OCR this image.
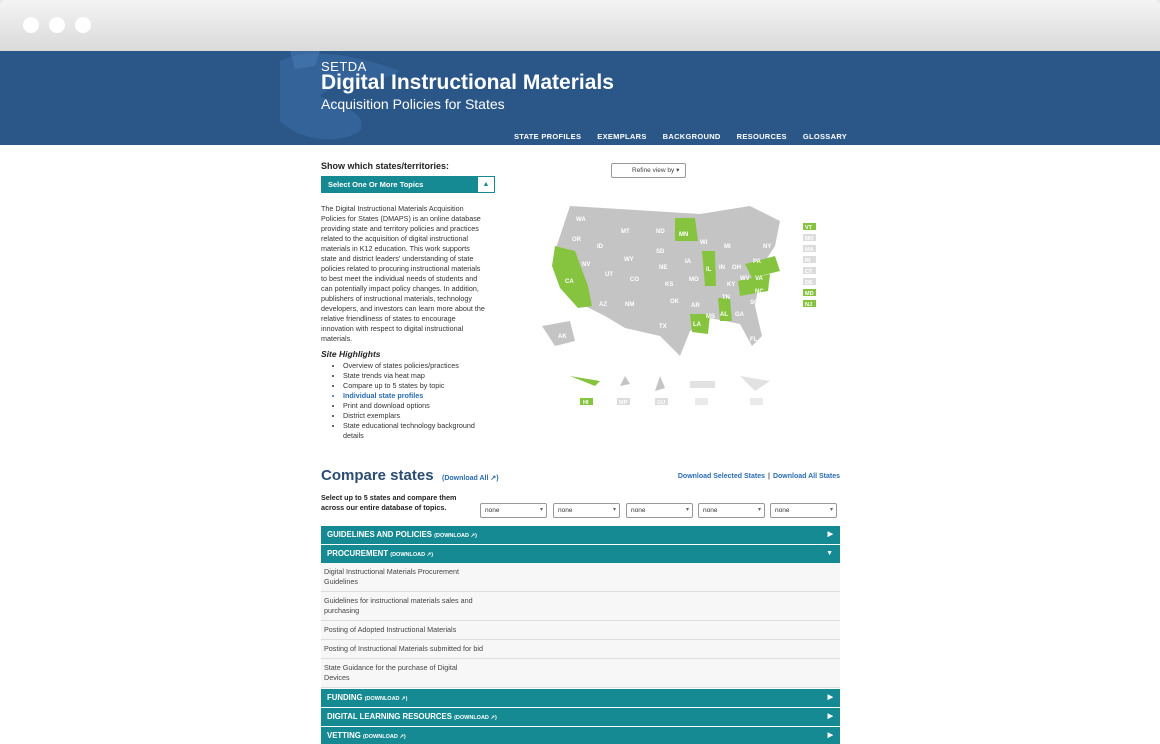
SETDA
Digital Instructional Materials
Acquisition Policies for States
STATE PROFILES EXEMPLARS BACKGROUND RESOURCES GLOSSARY
Show which states/territories:
Select One Or More Topics	▲
The Digital Instructional Materials Acquisition Policies for States (DMAPS) is an online database providing state and territory policies and practices related to the acquisition of digital instructional materials in K12 education. This work supports state and district leaders' understanding of state policies related to procuring instructional materials to best meet the individual needs of students and can potentially impact policy changes. In addition, publishers of instructional materials, technology developers, and investors can learn more about the relative friendliness of states to encourage innovation with respect to digital instructional materials.
Site Highlights
• Overview of states policies/practices
• State trends via heat map
• Compare up to 5 states by topic
• Individual state profiles
• Print and download options
• District exemplars
• State educational technology background details
Refine view by ▾
WA
OR
CA
NV
ID
MT
WY
UT
AZ
CO
NM
ND
SD
NE
KS
OK
TX
MN
IA
MO
AR
LA
WI
IL
MI
IN
KY
TN
MS AL GA
FL
OH
WV VA
NC
SC
PA
NY
ME
AK
VT
NH
MA
RI
CT
DE
MD
NJ
HI	MP	GU
Compare states (Download All ↗)	Download Selected States | Download All States
Select up to 5 states and compare them across our entire database of topics.	none ▾	none ▾	none ▾	none ▾	none ▾
GUIDELINES AND POLICIES (DOWNLOAD ↗)	▶
PROCUREMENT (DOWNLOAD ↗)	▼
Digital Instructional Materials Procurement Guidelines
Guidelines for instructional materials sales and purchasing
Posting of Adopted Instructional Materials
Posting of Instructional Materials submitted for bid
State Guidance for the purchase of Digital Devices
FUNDING (DOWNLOAD ↗)	▶
DIGITAL LEARNING RESOURCES (DOWNLOAD ↗)	▶
VETTING (DOWNLOAD ↗)	▶
